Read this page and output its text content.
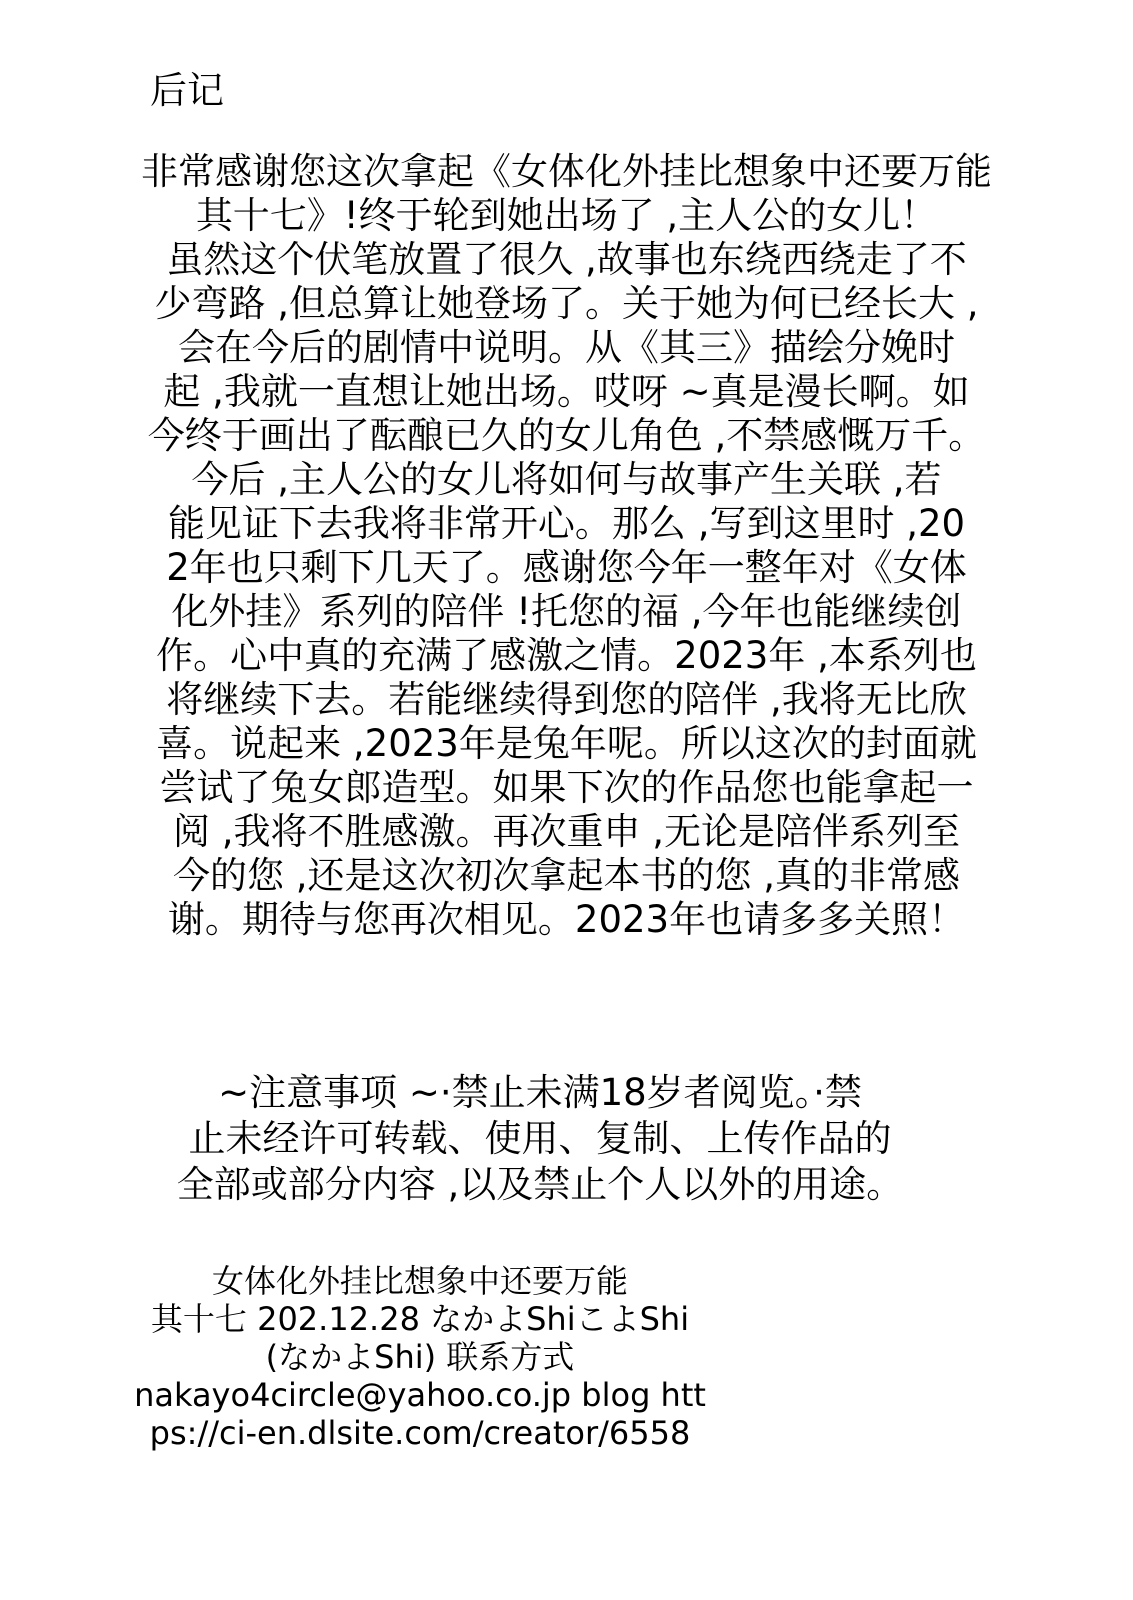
后记
非常感谢您这次拿起《女体化外挂比想象中还要万能
其十七》!终于轮到她出场了 ,主人公的女儿！
虽然这个伏笔放置了很久 ,故事也东绕西绕走了不
少弯路 ,但总算让她登场了。关于她为何已经长大 ,
会在今后的剧情中说明。从《其三》描绘分娩时
起 ,我就一直想让她出场。哎呀 ~真是漫长啊。如
今终于画出了酝酿已久的女儿角色 ,不禁感慨万千。
今后 ,主人公的女儿将如何与故事产生关联 ,若
能见证下去我将非常开心。那么 ,写到这里时 ,20
2年也只剩下几天了。感谢您今年一整年对《女体
化外挂》系列的陪伴 !托您的福 ,今年也能继续创
作。心中真的充满了感激之情。2023年 ,本系列也
将继续下去。若能继续得到您的陪伴 ,我将无比欣
喜。说起来 ,2023年是兔年呢。所以这次的封面就
尝试了兔女郎造型。如果下次的作品您也能拿起一
阅 ,我将不胜感激。再次重申 ,无论是陪伴系列至
今的您 ,还是这次初次拿起本书的您 ,真的非常感
谢。期待与您再次相见。2023年也请多多关照！
~注意事项 ~·禁止未满18岁者阅览。·禁
止未经许可转载、使用、复制、上传作品的
全部或部分内容 ,以及禁止个人以外的用途。
女体化外挂比想象中还要万能
其十七 202.12.28 なかよShiこよShi
(なかよShi) 联系方式
nakayo4circle@yahoo.co.jp blog htt
ps://ci-en.dlsite.com/creator/6558
